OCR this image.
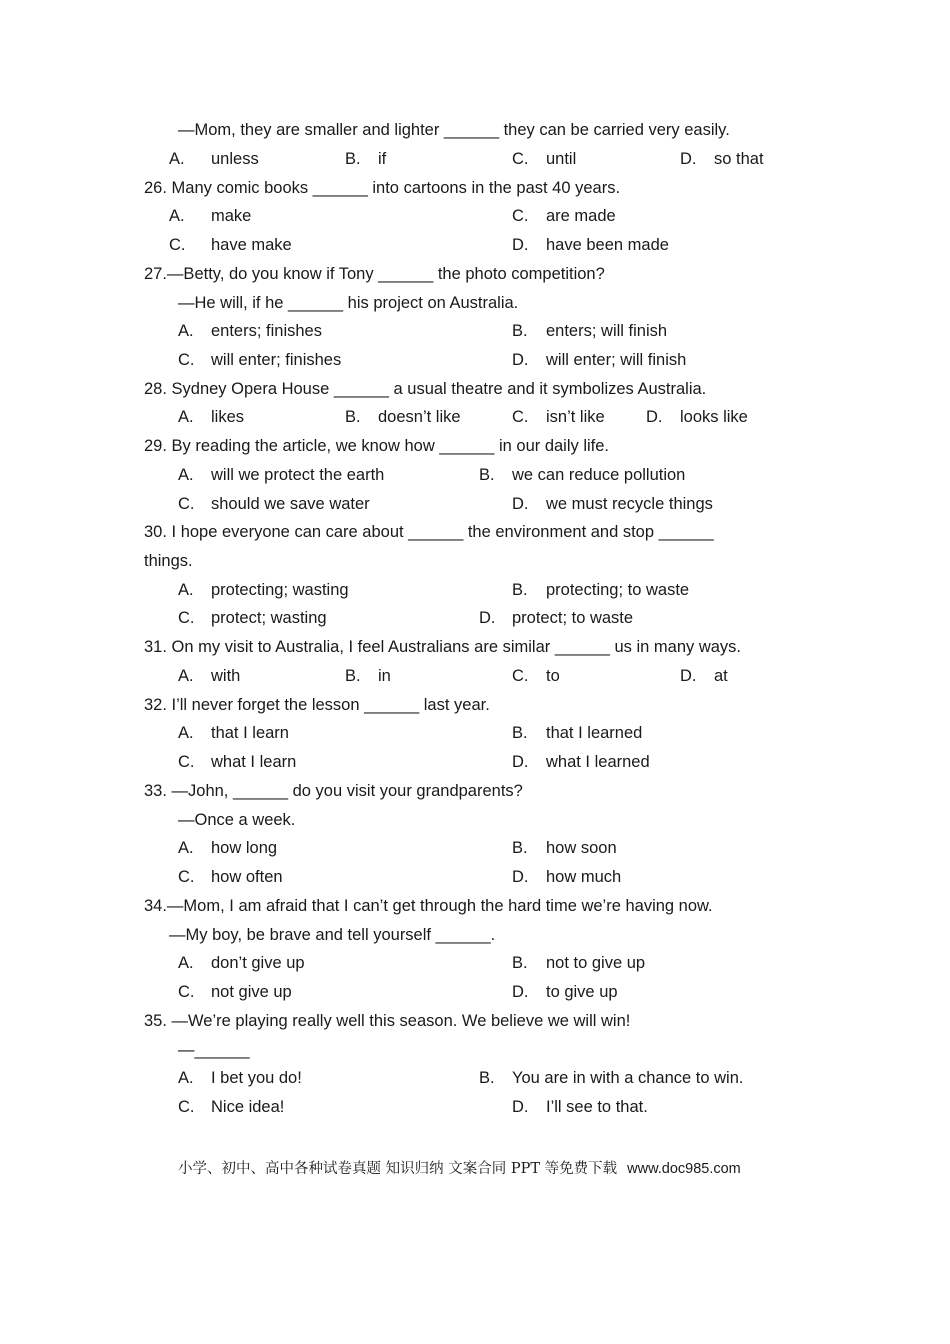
—Mom, they are smaller and lighter ______ they can be carried very easily.
A. unless	B. if	C. until	D. so that
26. Many comic books ______ into cartoons in the past 40 years.
A. make	C. are made
C. have make	D. have been made
27.—Betty, do you know if Tony ______ the photo competition?
—He will, if he ______ his project on Australia.
A. enters; finishes	B. enters; will finish
C. will enter; finishes	D. will enter; will finish
28. Sydney Opera House ______ a usual theatre and it symbolizes Australia.
A. likes	B. doesn’t like	C. isn’t like	D. looks like
29. By reading the article, we know how ______ in our daily life.
A. will we protect the earth	B. we can reduce pollution
C. should we save water	D. we must recycle things
30. I hope everyone can care about ______ the environment and stop ______
things.
A. protecting; wasting	B. protecting; to waste
C. protect; wasting	D. protect; to waste
31. On my visit to Australia, I feel Australians are similar ______ us in many ways.
A. with	B. in	C. to	D. at
32. I’ll never forget the lesson ______ last year.
A. that I learn	B. that I learned
C. what I learn	D. what I learned
33. —John, ______ do you visit your grandparents?
—Once a week.
A. how long	B. how soon
C. how often	D. how much
34.—Mom, I am afraid that I can’t get through the hard time we’re having now.
—My boy, be brave and tell yourself ______.
A. don’t give up	B. not to give up
C. not give up	D. to give up
35. —We’re playing really well this season. We believe we will win!
—______
A. I bet you do!	B. You are in with a chance to win.
C. Nice idea!	D. I’ll see to that.
小学、初中、高中各种试卷真题 知识归纳 文案合同 PPT 等免费下载 www.doc985.com
